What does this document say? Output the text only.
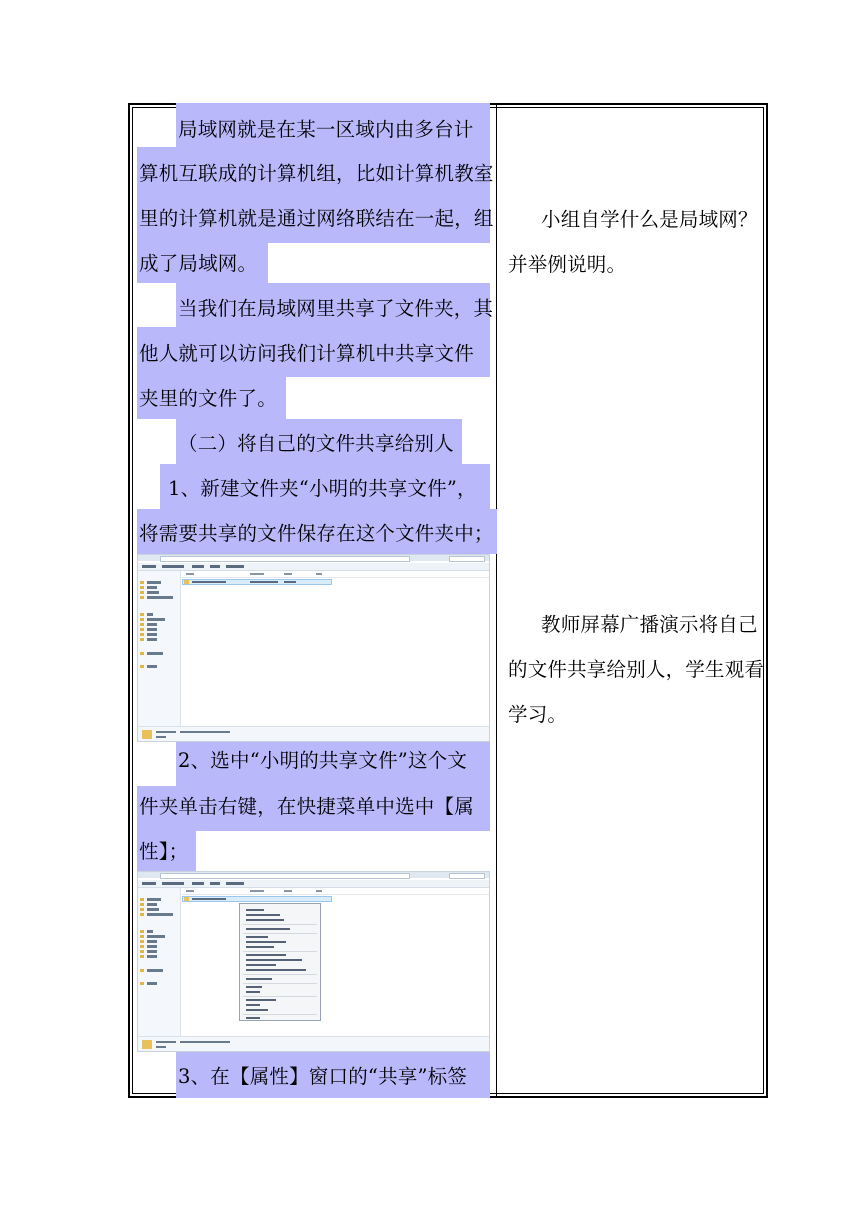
局域网就是在某一区域内由多台计
算机互联成的计算机组，比如计算机教室
里的计算机就是通过网络联结在一起，组
成了局域网。
当我们在局域网里共享了文件夹，其
他人就可以访问我们计算机中共享文件
夹里的文件了。
（二）将自己的文件共享给别人
1、新建文件夹“小明的共享文件”，
将需要共享的文件保存在这个文件夹中；
2、选中“小明的共享文件”这个文
件夹单击右键，在快捷菜单中选中【属
性】；
3、在【属性】窗口的“共享”标签
小组自学什么是局域网？
并举例说明。
教师屏幕广播演示将自己
的文件共享给别人，学生观看
学习。
